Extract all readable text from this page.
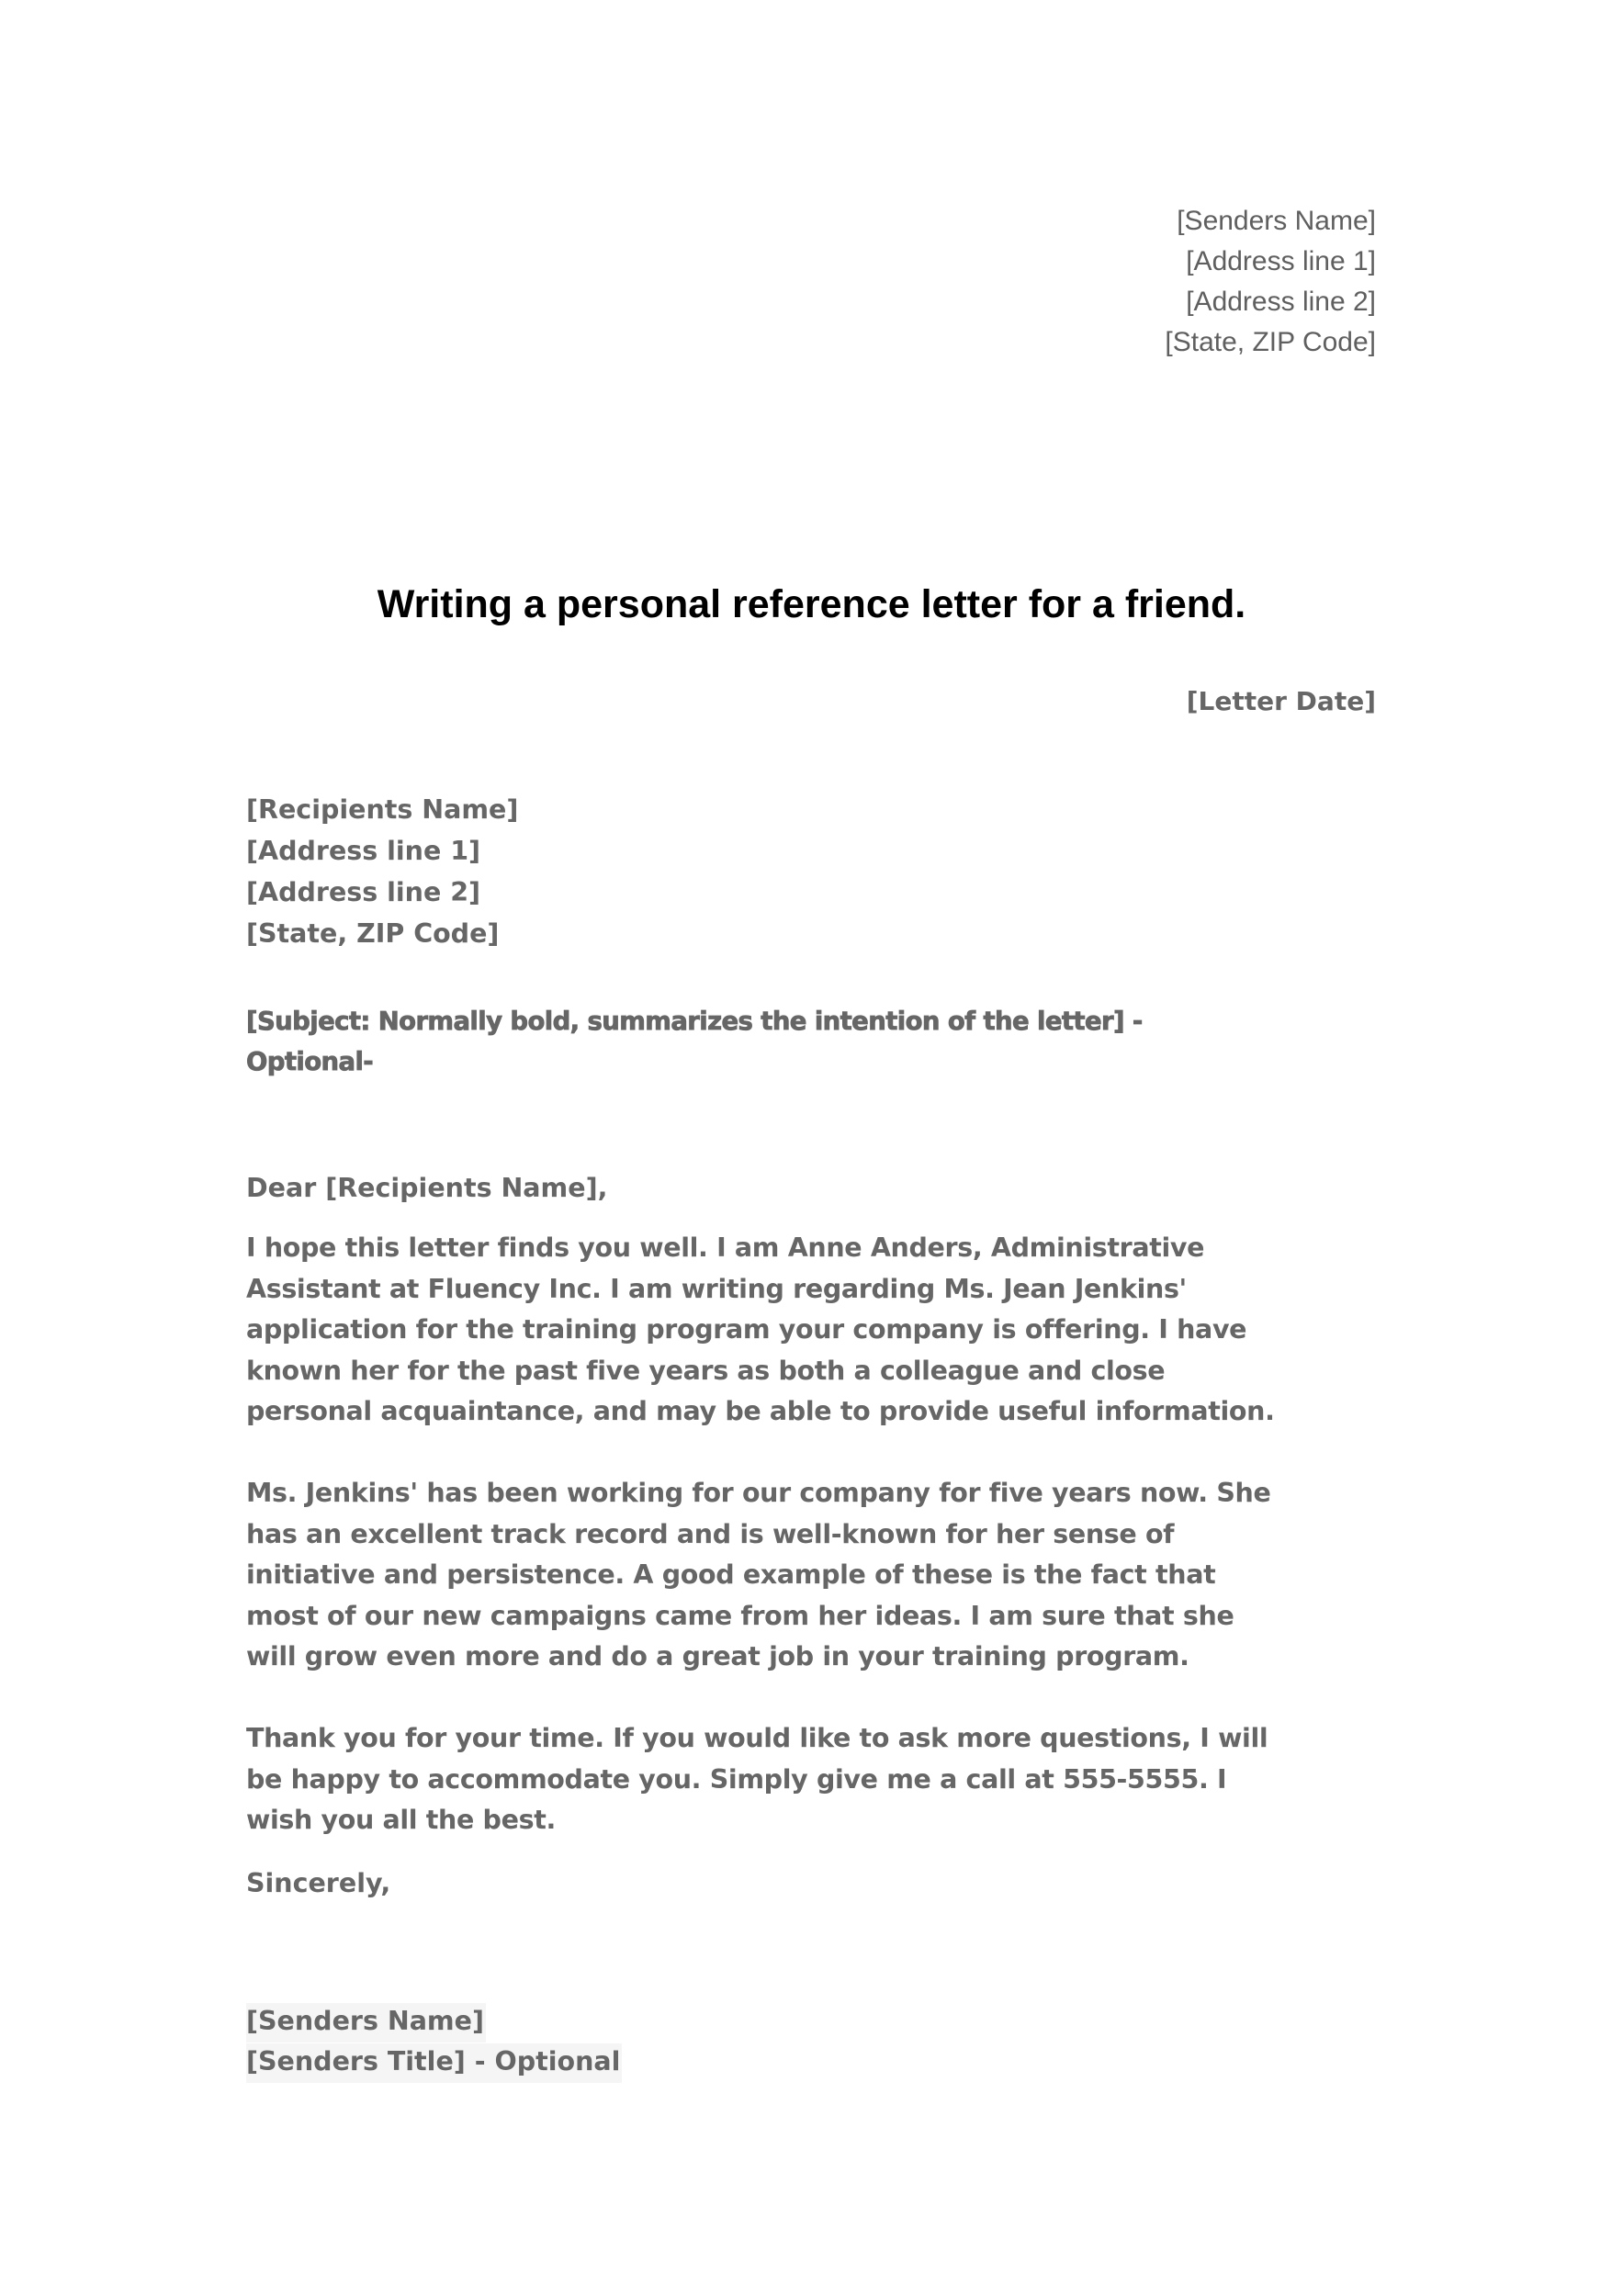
[Senders Name]
[Address line 1]
[Address line 2]
[State, ZIP Code]
Writing a personal reference letter for a friend.
[Letter Date]
[Recipients Name]
[Address line 1]
[Address line 2]
[State, ZIP Code]
[Subject: Normally bold, summarizes the intention of the letter] -
Optional-
Dear [Recipients Name],
I hope this letter finds you well. I am Anne Anders, Administrative
Assistant at Fluency Inc. I am writing regarding Ms. Jean Jenkins'
application for the training program your company is offering. I have
known her for the past five years as both a colleague and close
personal acquaintance, and may be able to provide useful information.
Ms. Jenkins' has been working for our company for five years now. She
has an excellent track record and is well-known for her sense of
initiative and persistence. A good example of these is the fact that
most of our new campaigns came from her ideas. I am sure that she
will grow even more and do a great job in your training program.
Thank you for your time. If you would like to ask more questions, I will
be happy to accommodate you. Simply give me a call at 555-5555. I
wish you all the best.
Sincerely,
[Senders Name]
[Senders Title] - Optional
